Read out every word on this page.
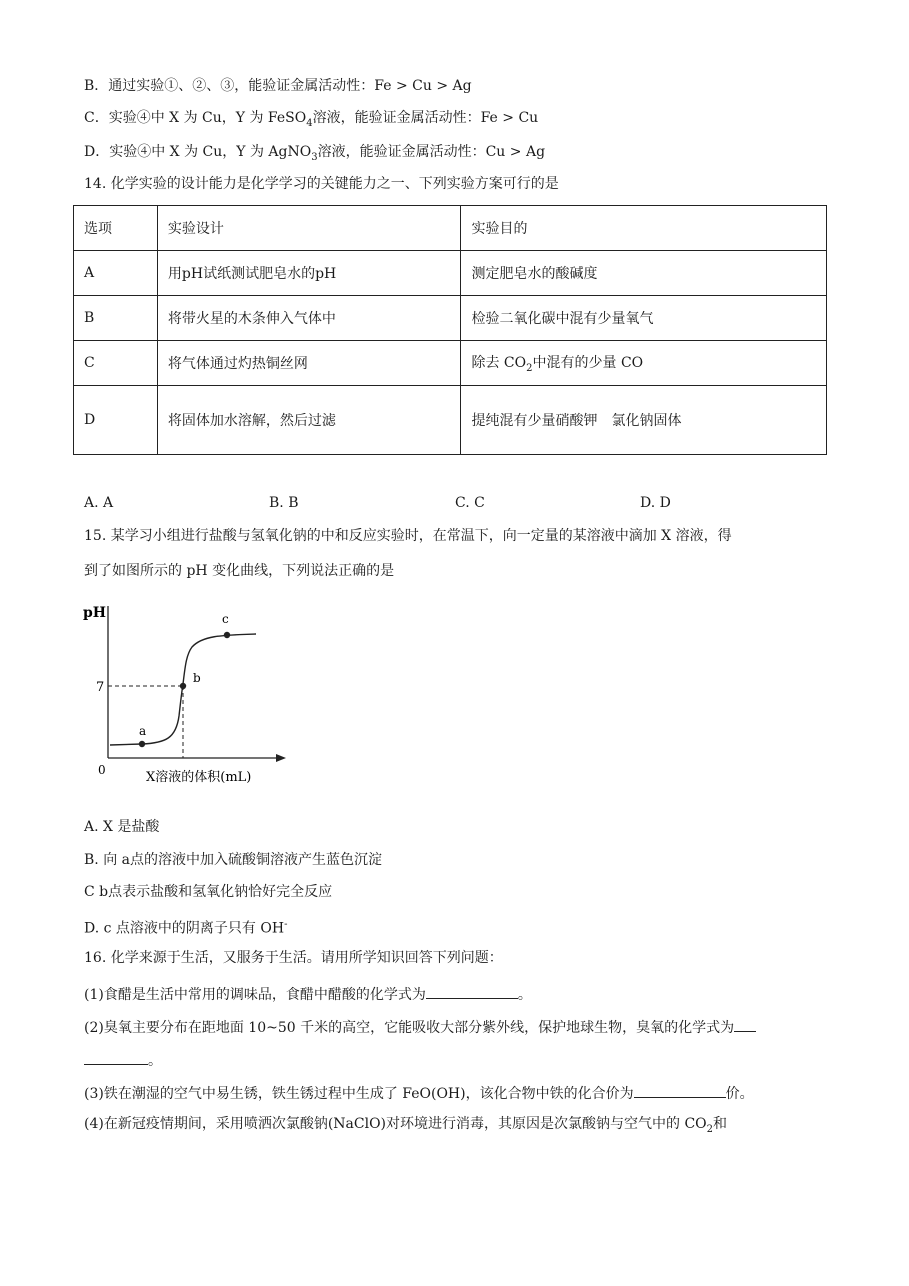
B．通过实验①、②、③，能验证金属活动性：Fe > Cu > Ag
C．实验④中 X 为 Cu，Y 为 FeSO$_4$溶液，能验证金属活动性：Fe > Cu
D．实验④中 X 为 Cu，Y 为 AgNO$_3$溶液，能验证金属活动性：Cu > Ag
14. 化学实验的设计能力是化学学习的关键能力之一、下列实验方案可行的是
选项	实验设计	实验目的
A	用pH试纸测试肥皂水的pH	测定肥皂水的酸碱度
B	将带火星的木条伸入气体中	检验二氧化碳中混有少量氧气
C	将气体通过灼热铜丝网	除去 $CO_2$中混有的少量 CO
D	将固体加水溶解，然后过滤	提纯混有少量硝酸钾　氯化钠固体
A. A	B. B	C. C	D. D
15. 某学习小组进行盐酸与氢氧化钠的中和反应实验时，在常温下，向一定量的某溶液中滴加 X 溶液，得
到了如图所示的 pH 变化曲线，下列说法正确的是
pH
7
0
a
b
c
X溶液的体积(mL)
A. X 是盐酸
B. 向 a点的溶液中加入硫酸铜溶液产生蓝色沉淀
C b点表示盐酸和氢氧化钠恰好完全反应
D. c 点溶液中的阴离子只有 OH-
16. 化学来源于生活，又服务于生活。请用所学知识回答下列问题：
(1)食醋是生活中常用的调味品，食醋中醋酸的化学式为	。
(2)臭氧主要分布在距地面 10~50 千米的高空，它能吸收大部分紫外线，保护地球生物，臭氧的化学式为
。
(3)铁在潮湿的空气中易生锈，铁生锈过程中生成了 FeO(OH)，该化合物中铁的化合价为	价。
(4)在新冠疫情期间，采用喷洒次氯酸钠(NaClO)对环境进行消毒，其原因是次氯酸钠与空气中的 $CO_2$和
